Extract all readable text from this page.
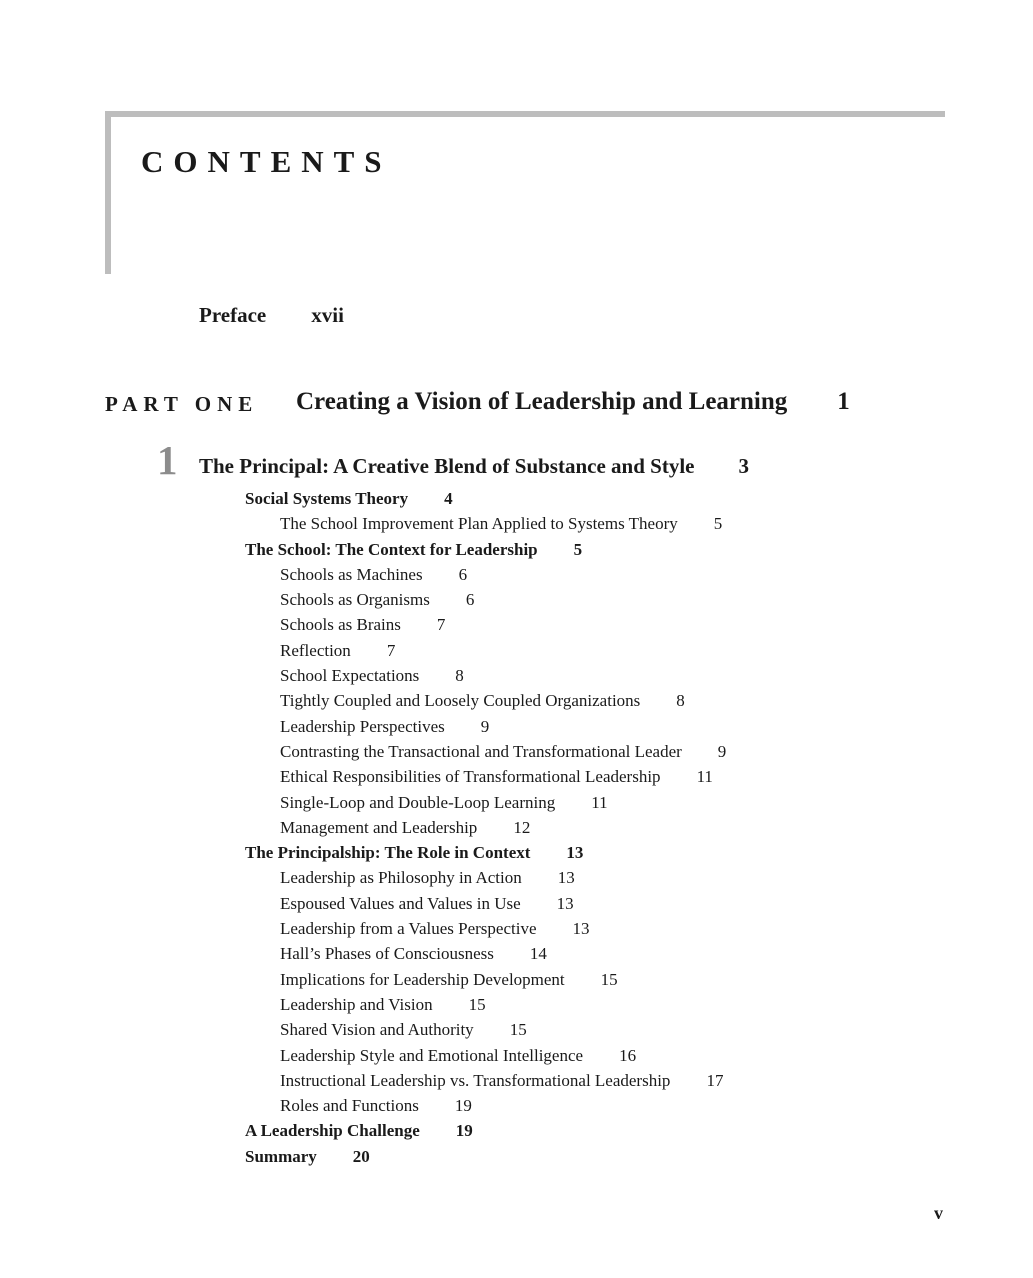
CONTENTS
Preface xvii
PART ONE Creating a Vision of Leadership and Learning 1
1 The Principal: A Creative Blend of Substance and Style 3
Social Systems Theory 4
The School Improvement Plan Applied to Systems Theory 5
The School: The Context for Leadership 5
Schools as Machines 6
Schools as Organisms 6
Schools as Brains 7
Reflection 7
School Expectations 8
Tightly Coupled and Loosely Coupled Organizations 8
Leadership Perspectives 9
Contrasting the Transactional and Transformational Leader 9
Ethical Responsibilities of Transformational Leadership 11
Single-Loop and Double-Loop Learning 11
Management and Leadership 12
The Principalship: The Role in Context 13
Leadership as Philosophy in Action 13
Espoused Values and Values in Use 13
Leadership from a Values Perspective 13
Hall’s Phases of Consciousness 14
Implications for Leadership Development 15
Leadership and Vision 15
Shared Vision and Authority 15
Leadership Style and Emotional Intelligence 16
Instructional Leadership vs. Transformational Leadership 17
Roles and Functions 19
A Leadership Challenge 19
Summary 20
v
